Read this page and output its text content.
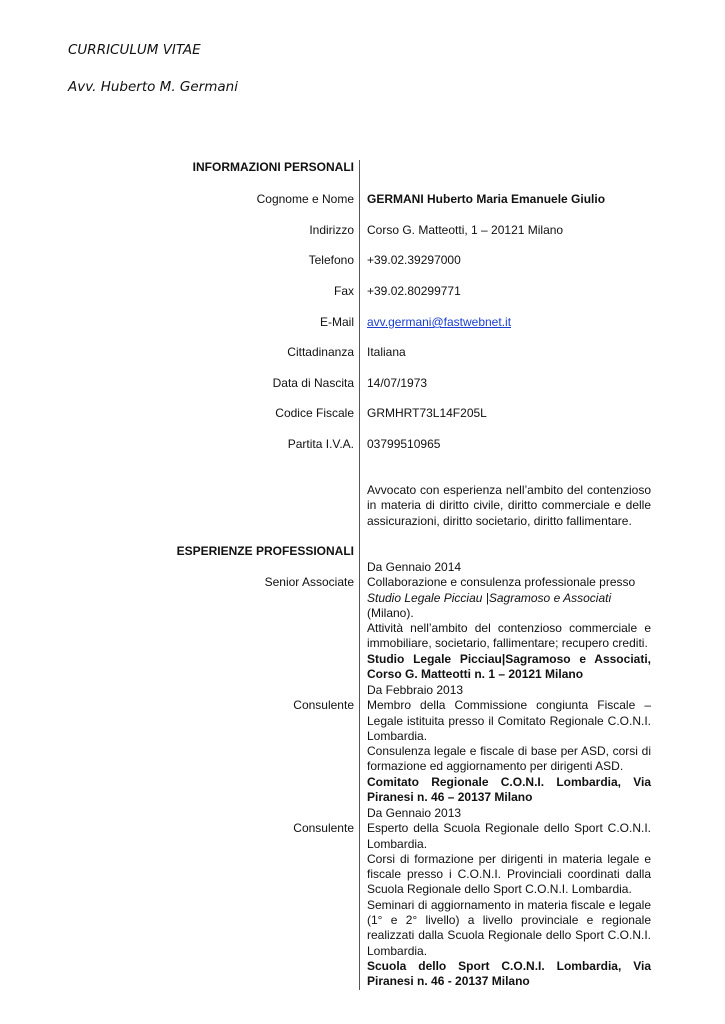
CURRICULUM VITAE
Avv. Huberto M. Germani
INFORMAZIONI PERSONALI
Cognome e Nome GERMANI Huberto Maria Emanuele Giulio
Indirizzo Corso G. Matteotti, 1 – 20121 Milano
Telefono +39.02.39297000
Fax +39.02.80299771
E-Mail avv.germani@fastwebnet.it
Cittadinanza Italiana
Data di Nascita 14/07/1973
Codice Fiscale GRMHRT73L14F205L
Partita I.V.A. 03799510965

Avvocato con esperienza nell’ambito del contenzioso in materia di diritto civile, diritto commerciale e delle assicurazioni, diritto societario, diritto fallimentare.

ESPERIENZE PROFESSIONALI
Senior Associate

Da Gennaio 2014

Collaborazione e consulenza professionale presso Studio Legale Picciau |Sagramoso e Associati (Milano).

Attività nell’ambito del contenzioso commerciale e immobiliare, societario, fallimentare; recupero crediti.

Studio Legale Picciau|Sagramoso e Associati, Corso G. Matteotti n. 1 – 20121 Milano

Consulente

Da Febbraio 2013

Membro della Commissione congiunta Fiscale – Legale istituita presso il Comitato Regionale C.O.N.I. Lombardia.

Consulenza legale e fiscale di base per ASD, corsi di formazione ed aggiornamento per dirigenti ASD.

Comitato Regionale C.O.N.I. Lombardia, Via Piranesi n. 46 – 20137 Milano

Consulente

Da Gennaio 2013

Esperto della Scuola Regionale dello Sport C.O.N.I. Lombardia.

Corsi di formazione per dirigenti in materia legale e fiscale presso i C.O.N.I. Provinciali coordinati dalla Scuola Regionale dello Sport C.O.N.I. Lombardia.

Seminari di aggiornamento in materia fiscale e legale (1° e 2° livello) a livello provinciale e regionale realizzati dalla Scuola Regionale dello Sport C.O.N.I. Lombardia.

Scuola dello Sport C.O.N.I. Lombardia, Via Piranesi n. 46 - 20137 Milano
